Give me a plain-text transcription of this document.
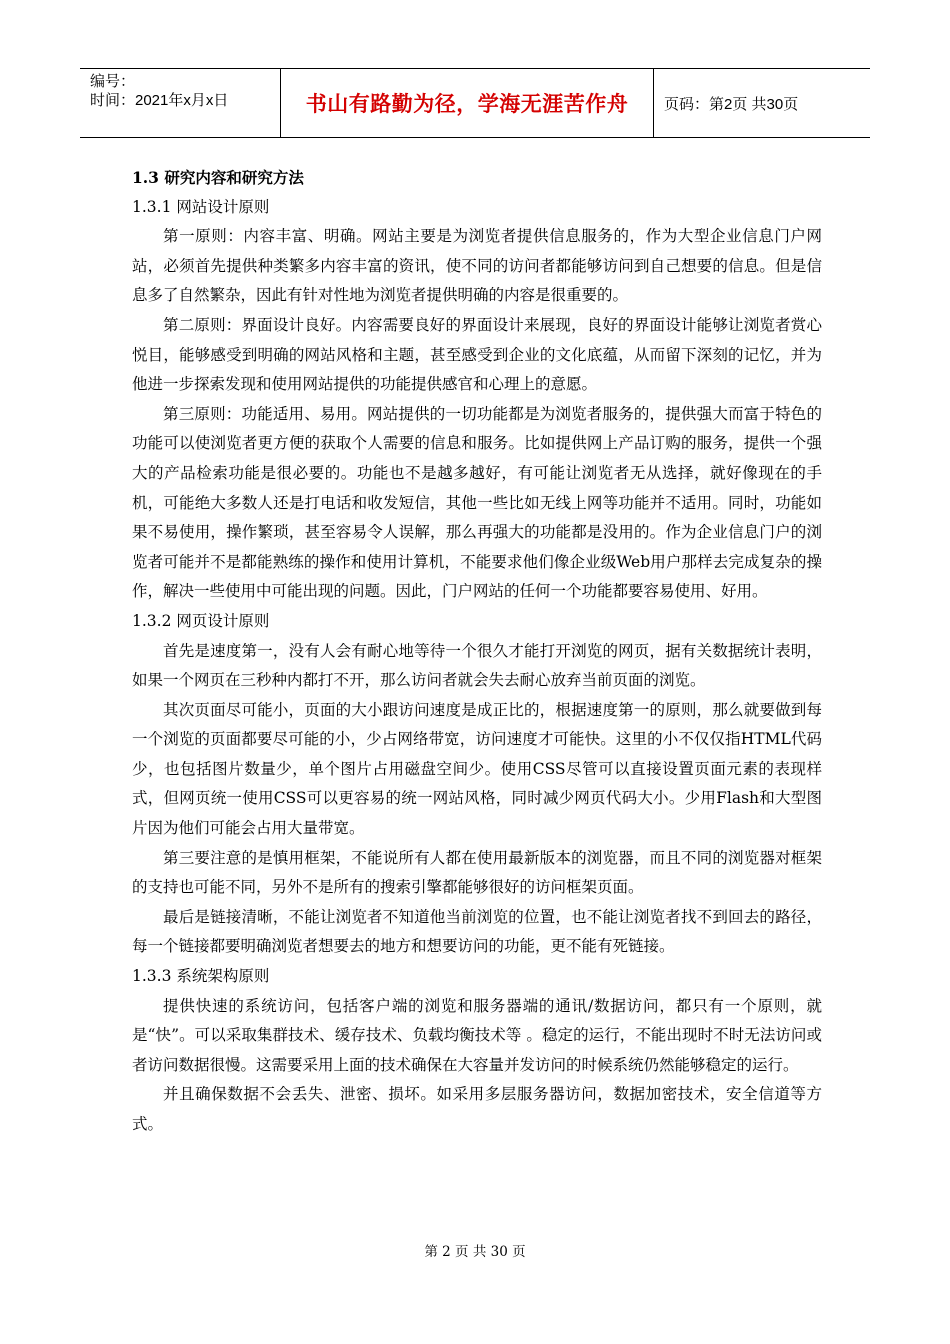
编号：
时间：2021年x月x日	书山有路勤为径，学海无涯苦作舟 页码：第2页 共30页

1.3 研究内容和研究方法

1.3.1 网站设计原则

第一原则：内容丰富、明确。网站主要是为浏览者提供信息服务的，作为大型企业信息门户网站，必须首先提供种类繁多内容丰富的资讯，使不同的访问者都能够访问到自己想要的信息。但是信息多了自然繁杂，因此有针对性地为浏览者提供明确的内容是很重要的。

第二原则：界面设计良好。内容需要良好的界面设计来展现，良好的界面设计能够让浏览者赏心悦目，能够感受到明确的网站风格和主题，甚至感受到企业的文化底蕴，从而留下深刻的记忆，并为他进一步探索发现和使用网站提供的功能提供感官和心理上的意愿。

第三原则：功能适用、易用。网站提供的一切功能都是为浏览者服务的，提供强大而富于特色的功能可以使浏览者更方便的获取个人需要的信息和服务。比如提供网上产品订购的服务，提供一个强大的产品检索功能是很必要的。功能也不是越多越好，有可能让浏览者无从选择，就好像现在的手机，可能绝大多数人还是打电话和收发短信，其他一些比如无线上网等功能并不适用。同时，功能如果不易使用，操作繁琐，甚至容易令人误解，那么再强大的功能都是没用的。作为企业信息门户的浏览者可能并不是都能熟练的操作和使用计算机，不能要求他们像企业级Web用户那样去完成复杂的操作，解决一些使用中可能出现的问题。因此，门户网站的任何一个功能都要容易使用、好用。

1.3.2 网页设计原则

首先是速度第一，没有人会有耐心地等待一个很久才能打开浏览的网页，据有关数据统计表明，如果一个网页在三秒种内都打不开，那么访问者就会失去耐心放弃当前页面的浏览。

其次页面尽可能小，页面的大小跟访问速度是成正比的，根据速度第一的原则，那么就要做到每一个浏览的页面都要尽可能的小，少占网络带宽，访问速度才可能快。这里的小不仅仅指HTML代码少，也包括图片数量少，单个图片占用磁盘空间少。使用CSS尽管可以直接设置页面元素的表现样式，但网页统一使用CSS可以更容易的统一网站风格，同时减少网页代码大小。少用Flash和大型图片因为他们可能会占用大量带宽。

第三要注意的是慎用框架，不能说所有人都在使用最新版本的浏览器，而且不同的浏览器对框架的支持也可能不同，另外不是所有的搜索引擎都能够很好的访问框架页面。

最后是链接清晰，不能让浏览者不知道他当前浏览的位置，也不能让浏览者找不到回去的路径，每一个链接都要明确浏览者想要去的地方和想要访问的功能，更不能有死链接。

1.3.3 系统架构原则

提供快速的系统访问，包括客户端的浏览和服务器端的通讯/数据访问，都只有一个原则，就是“快”。可以采取集群技术、缓存技术、负载均衡技术等 。稳定的运行，不能出现时不时无法访问或者访问数据很慢。这需要采用上面的技术确保在大容量并发访问的时候系统仍然能够稳定的运行。

并且确保数据不会丢失、泄密、损坏。如采用多层服务器访问，数据加密技术，安全信道等方式。

第 2 页 共 30 页
